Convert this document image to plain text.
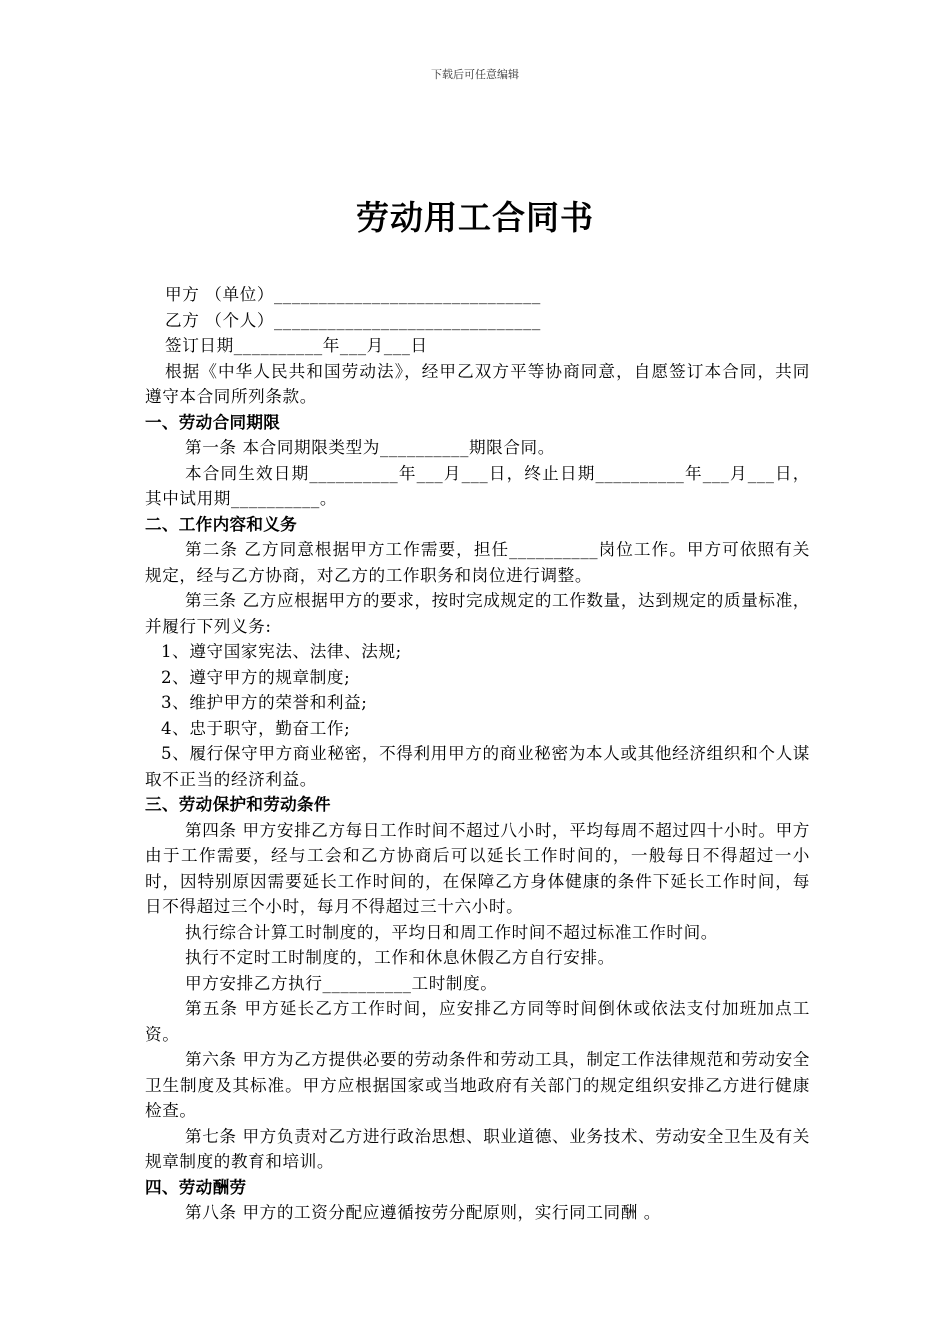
下载后可任意编辑
劳动用工合同书
甲方 （单位）______________________________
乙方 （个人）______________________________
签订日期__________年___月___日
根据《中华人民共和国劳动法》，经甲乙双方平等协商同意，自愿签订本合同，共同遵守本合同所列条款。
一、劳动合同期限
第一条 本合同期限类型为__________期限合同。
本合同生效日期__________年___月___日，终止日期__________年___月___日，其中试用期__________。
二、工作内容和义务
第二条 乙方同意根据甲方工作需要，担任__________岗位工作。甲方可依照有关规定，经与乙方协商，对乙方的工作职务和岗位进行调整。
第三条 乙方应根据甲方的要求，按时完成规定的工作数量，达到规定的质量标准，并履行下列义务:
1、遵守国家宪法、法律、法规;
2、遵守甲方的规章制度;
3、维护甲方的荣誉和利益;
4、忠于职守，勤奋工作;
5、履行保守甲方商业秘密，不得利用甲方的商业秘密为本人或其他经济组织和个人谋取不正当的经济利益。
三、劳动保护和劳动条件
第四条 甲方安排乙方每日工作时间不超过八小时，平均每周不超过四十小时。甲方由于工作需要，经与工会和乙方协商后可以延长工作时间的，一般每日不得超过一小时，因特别原因需要延长工作时间的，在保障乙方身体健康的条件下延长工作时间，每日不得超过三个小时，每月不得超过三十六小时。
执行综合计算工时制度的，平均日和周工作时间不超过标准工作时间。
执行不定时工时制度的，工作和休息休假乙方自行安排。
甲方安排乙方执行__________工时制度。
第五条 甲方延长乙方工作时间，应安排乙方同等时间倒休或依法支付加班加点工资。
第六条 甲方为乙方提供必要的劳动条件和劳动工具，制定工作法律规范和劳动安全卫生制度及其标准。甲方应根据国家或当地政府有关部门的规定组织安排乙方进行健康检查。
第七条 甲方负责对乙方进行政治思想、职业道德、业务技术、劳动安全卫生及有关规章制度的教育和培训。
四、劳动酬劳
第八条 甲方的工资分配应遵循按劳分配原则，实行同工同酬 。
